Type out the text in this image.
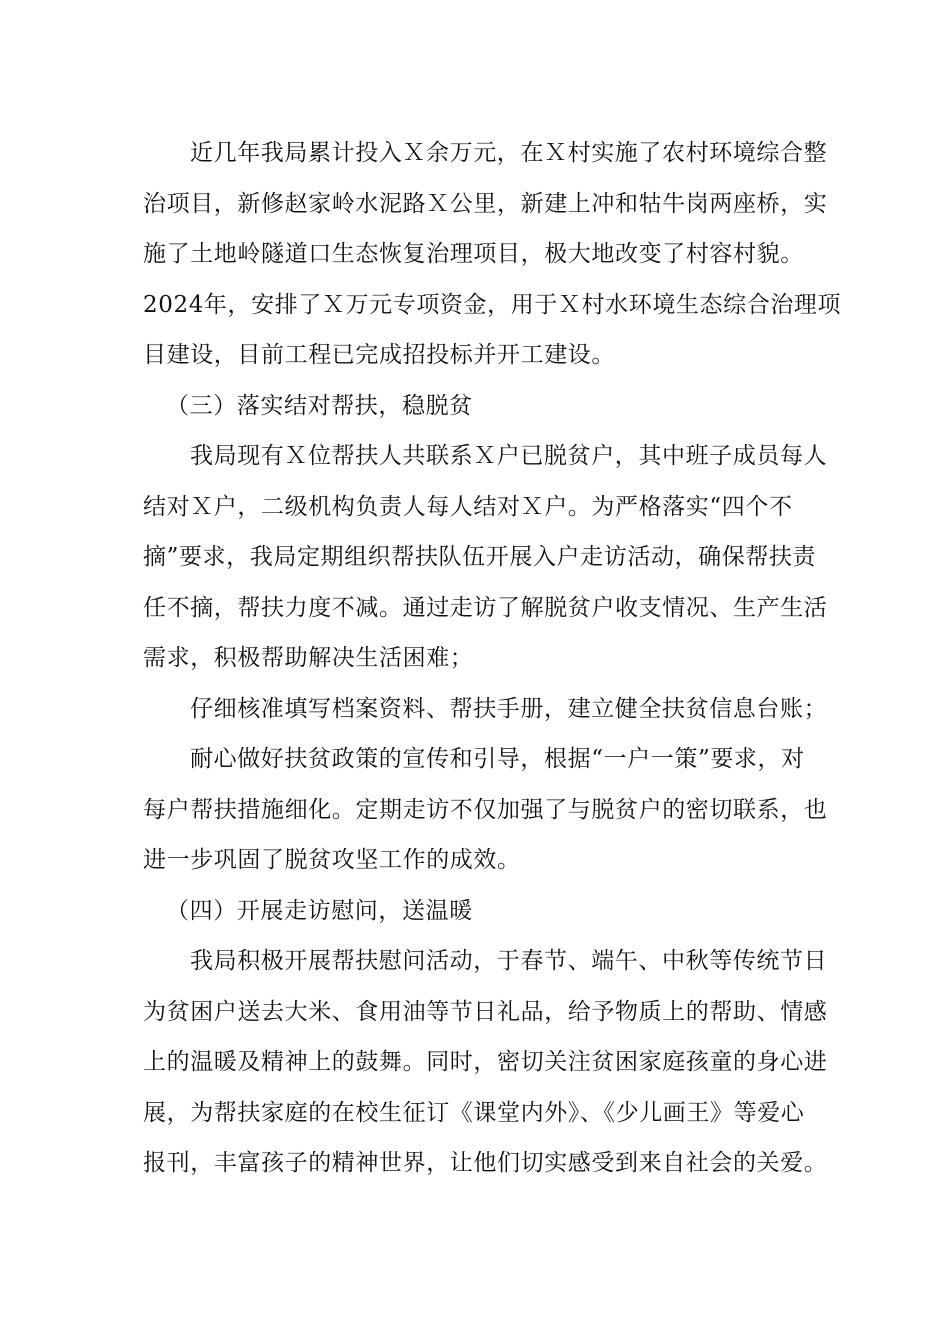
近几年我局累计投入Ｘ余万元，在Ｘ村实施了农村环境综合整
治项目，新修赵家岭水泥路Ｘ公里，新建上冲和牯牛岗两座桥，实
施了土地岭隧道口生态恢复治理项目，极大地改变了村容村貌。
2024年，安排了Ｘ万元专项资金，用于Ｘ村水环境生态综合治理项
目建设，目前工程已完成招投标并开工建设。
（三）落实结对帮扶，稳脱贫
我局现有Ｘ位帮扶人共联系Ｘ户已脱贫户，其中班子成员每人
结对Ｘ户，二级机构负责人每人结对Ｘ户。为严格落实“四个不
摘”要求，我局定期组织帮扶队伍开展入户走访活动，确保帮扶责
任不摘，帮扶力度不减。通过走访了解脱贫户收支情况、生产生活
需求，积极帮助解决生活困难；
仔细核准填写档案资料、帮扶手册，建立健全扶贫信息台账；
耐心做好扶贫政策的宣传和引导，根据“一户一策”要求，对
每户帮扶措施细化。定期走访不仅加强了与脱贫户的密切联系，也
进一步巩固了脱贫攻坚工作的成效。
（四）开展走访慰问，送温暖
我局积极开展帮扶慰问活动，于春节、端午、中秋等传统节日
为贫困户送去大米、食用油等节日礼品，给予物质上的帮助、情感
上的温暖及精神上的鼓舞。同时，密切关注贫困家庭孩童的身心进
展，为帮扶家庭的在校生征订《课堂内外》、《少儿画王》等爱心
报刊，丰富孩子的精神世界，让他们切实感受到来自社会的关爱。
